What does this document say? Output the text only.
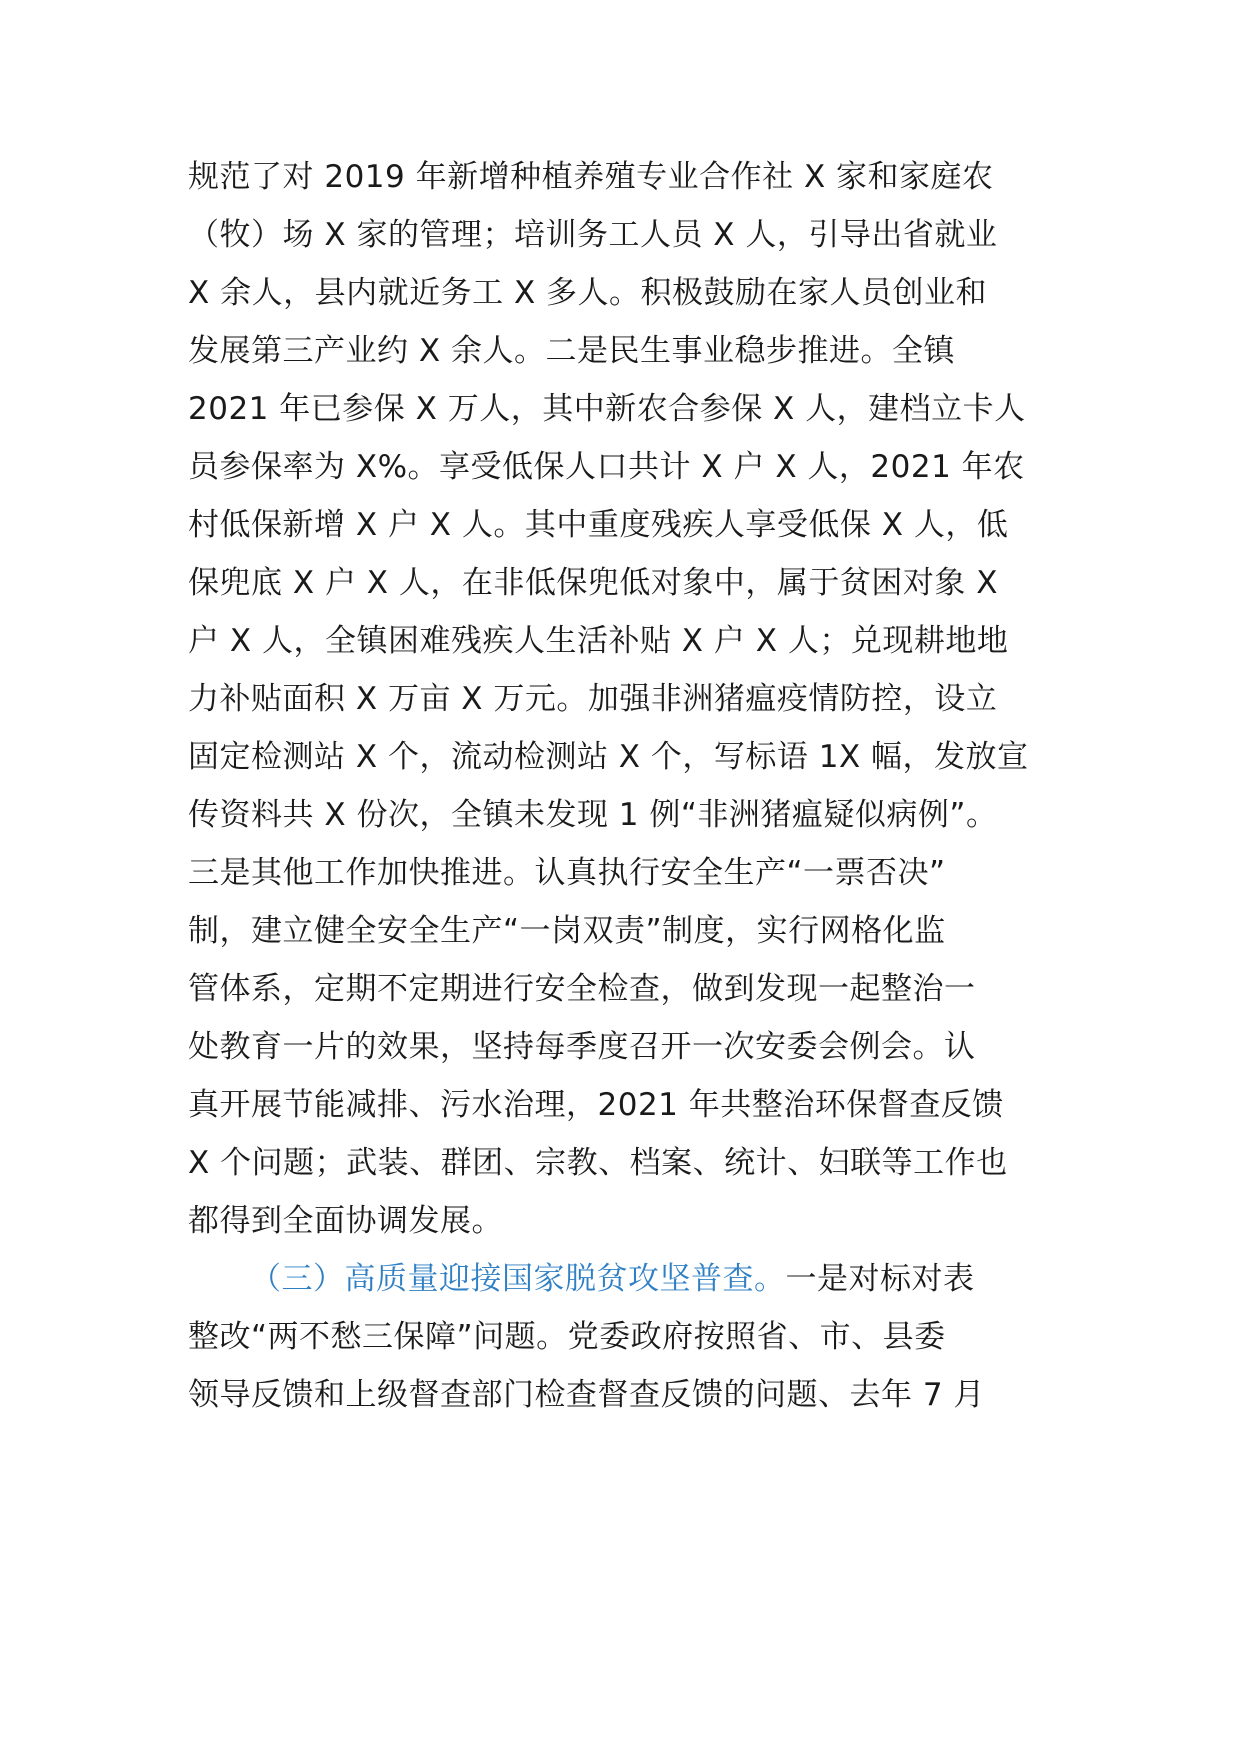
规范了对 2019 年新增种植养殖专业合作社 X 家和家庭农
（牧）场 X 家的管理；培训务工人员 X 人，引导出省就业
X 余人，县内就近务工 X 多人。积极鼓励在家人员创业和
发展第三产业约 X 余人。二是民生事业稳步推进。全镇
2021 年已参保 X 万人，其中新农合参保 X 人，建档立卡人
员参保率为 X%。享受低保人口共计 X 户 X 人，2021 年农
村低保新增 X 户 X 人。其中重度残疾人享受低保 X 人，低
保兜底 X 户 X 人，在非低保兜低对象中，属于贫困对象 X
户 X 人，全镇困难残疾人生活补贴 X 户 X 人；兑现耕地地
力补贴面积 X 万亩 X 万元。加强非洲猪瘟疫情防控，设立
固定检测站 X 个，流动检测站 X 个，写标语 1X 幅，发放宣
传资料共 X 份次，全镇未发现 1 例“非洲猪瘟疑似病例”。
三是其他工作加快推进。认真执行安全生产“一票否决”
制，建立健全安全生产“一岗双责”制度，实行网格化监
管体系，定期不定期进行安全检查，做到发现一起整治一
处教育一片的效果，坚持每季度召开一次安委会例会。认
真开展节能减排、污水治理，2021 年共整治环保督查反馈
X 个问题；武装、群团、宗教、档案、统计、妇联等工作也
都得到全面协调发展。
（三）高质量迎接国家脱贫攻坚普查。一是对标对表
整改“两不愁三保障”问题。党委政府按照省、市、县委
领导反馈和上级督查部门检查督查反馈的问题、去年 7 月
